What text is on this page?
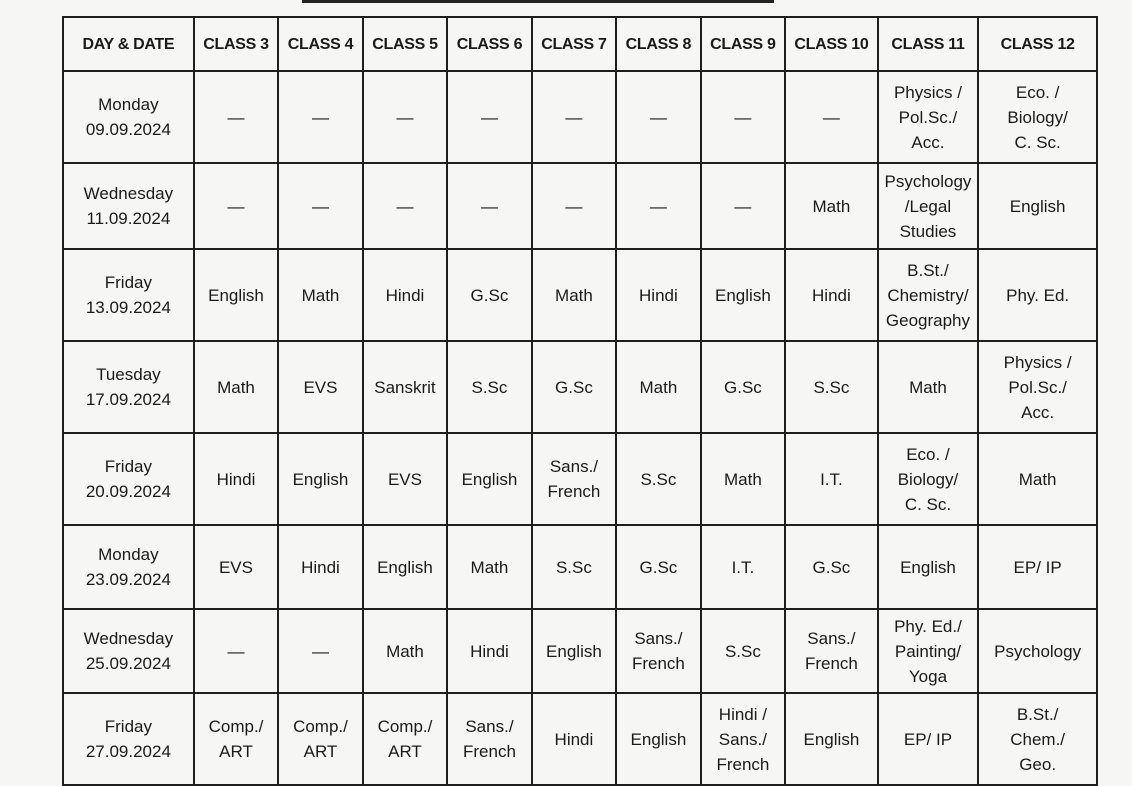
DAY & DATE	CLASS 3	CLASS 4	CLASS 5	CLASS 6	CLASS 7	CLASS 8	CLASS 9	CLASS 10	CLASS 11	CLASS 12

Monday
09.09.2024	—	—	—	—	—	—	—	—	Physics /
Pol.Sc./
Acc.	Eco. /
Biology/
C. Sc.

Wednesday
11.09.2024	—	—	—	—	—	—	—	Math	Psychology
/Legal
Studies	English

Friday
13.09.2024	English	Math	Hindi	G.Sc	Math	Hindi	English	Hindi	B.St./
Chemistry/
Geography	Phy. Ed.

Tuesday
17.09.2024	Math	EVS	Sanskrit	S.Sc	G.Sc	Math	G.Sc	S.Sc	Math	Physics /
Pol.Sc./
Acc.

Friday
20.09.2024	Hindi	English	EVS	English	Sans./
French	S.Sc	Math	I.T.	Eco. /
Biology/
C. Sc.	Math

Monday
23.09.2024	EVS	Hindi	English	Math	S.Sc	G.Sc	I.T.	G.Sc	English	EP/ IP

Wednesday
25.09.2024	—	—	Math	Hindi	English	Sans./
French	S.Sc	Sans./
French	Phy. Ed./
Painting/
Yoga	Psychology

Friday
27.09.2024	Comp./
ART	Comp./
ART	Comp./
ART	Sans./
French	Hindi	English	Hindi /
Sans./
French	English	EP/ IP	B.St./
Chem./
Geo.
